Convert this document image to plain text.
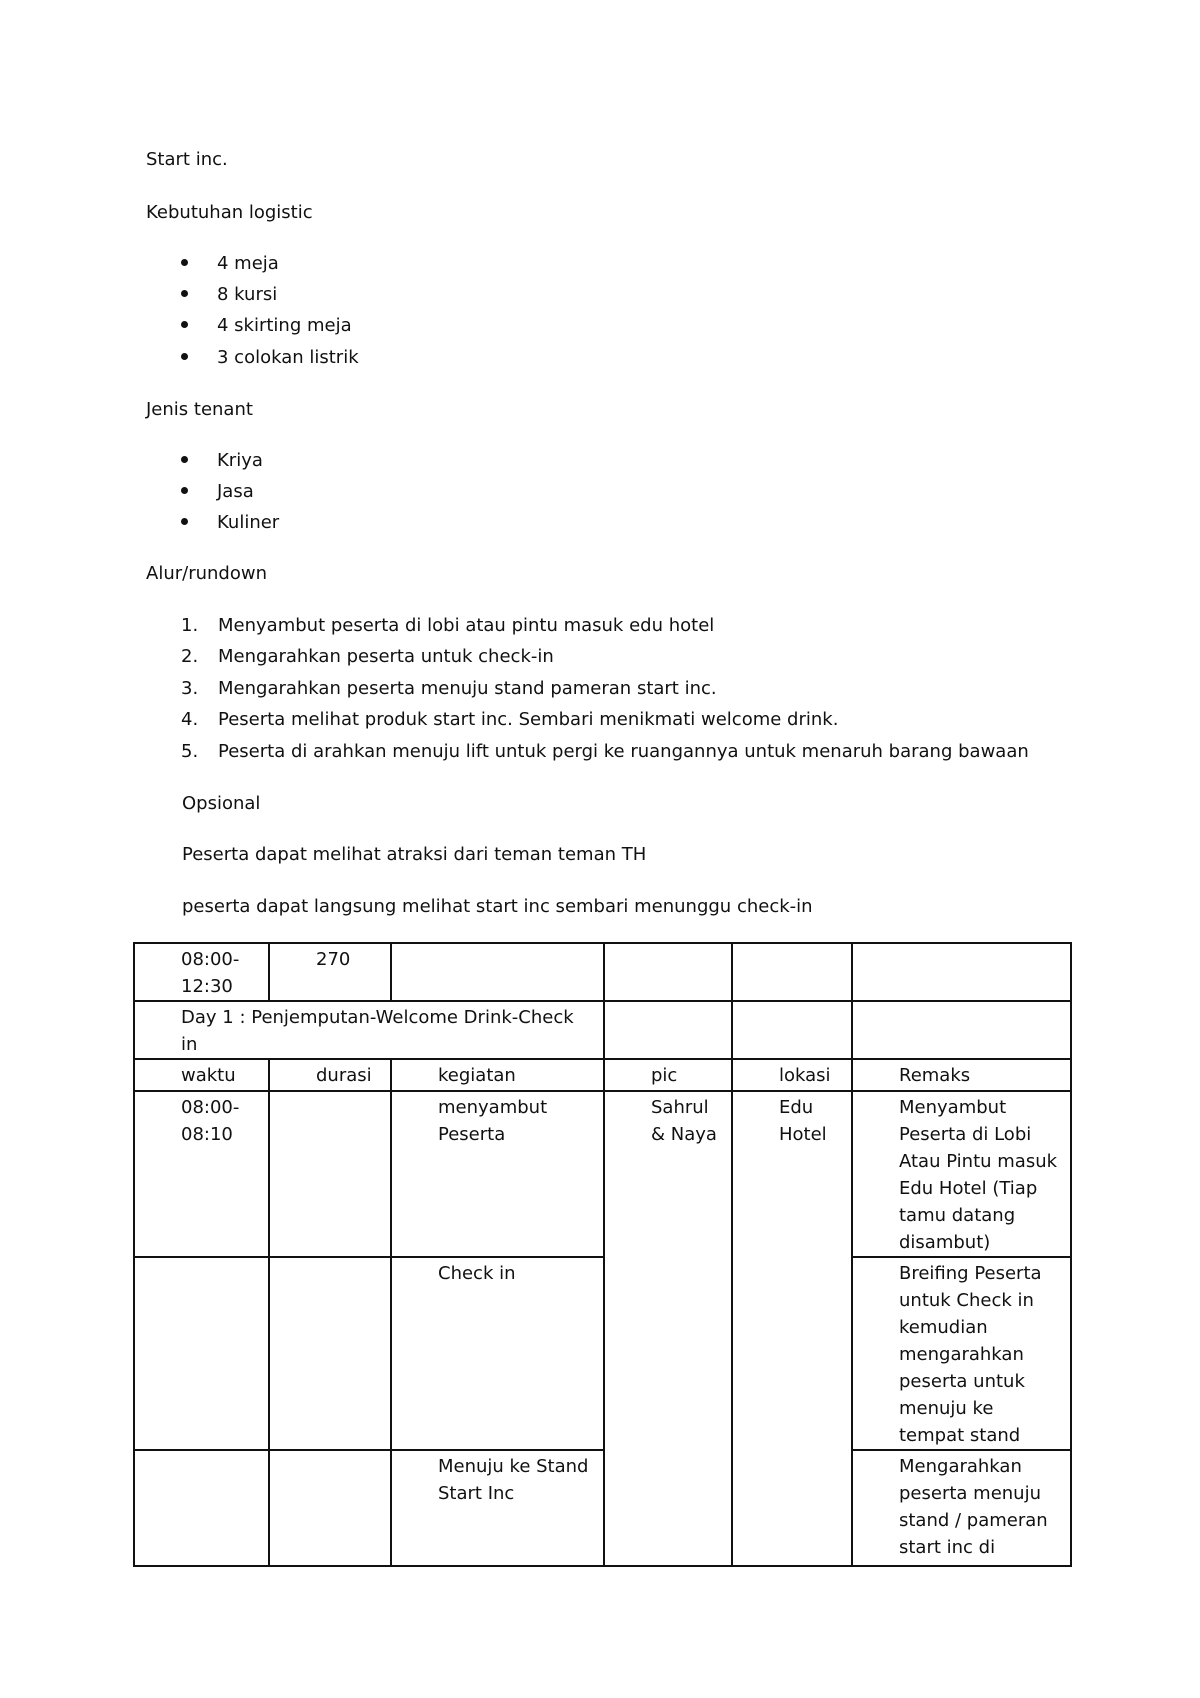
Start inc.
Kebutuhan logistic
4 meja
8 kursi
4 skirting meja
3 colokan listrik
Jenis tenant
Kriya
Jasa
Kuliner
Alur/rundown
1. Menyambut peserta di lobi atau pintu masuk edu hotel
2. Mengarahkan peserta untuk check-in
3. Mengarahkan peserta menuju stand pameran start inc.
4. Peserta melihat produk start inc. Sembari menikmati welcome drink.
5. Peserta di arahkan menuju lift untuk pergi ke ruangannya untuk menaruh barang bawaan
Opsional
Peserta dapat melihat atraksi dari teman teman TH
peserta dapat langsung melihat start inc sembari menunggu check-in
08:00-12:30	270				

Day 1 : Penjemputan-Welcome Drink-Check in					

waktu	durasi	kegiatan	pic	lokasi	Remaks

08:00-08:10		menyambut Peserta	Sahrul & Naya	Edu Hotel	Menyambut Peserta di Lobi Atau Pintu masuk Edu Hotel (Tiap tamu datang disambut)

		Check in			Breifing Peserta untuk Check in kemudian mengarahkan peserta untuk menuju ke tempat stand

		Menuju ke Stand Start Inc			Mengarahkan peserta menuju stand / pameran start inc di
